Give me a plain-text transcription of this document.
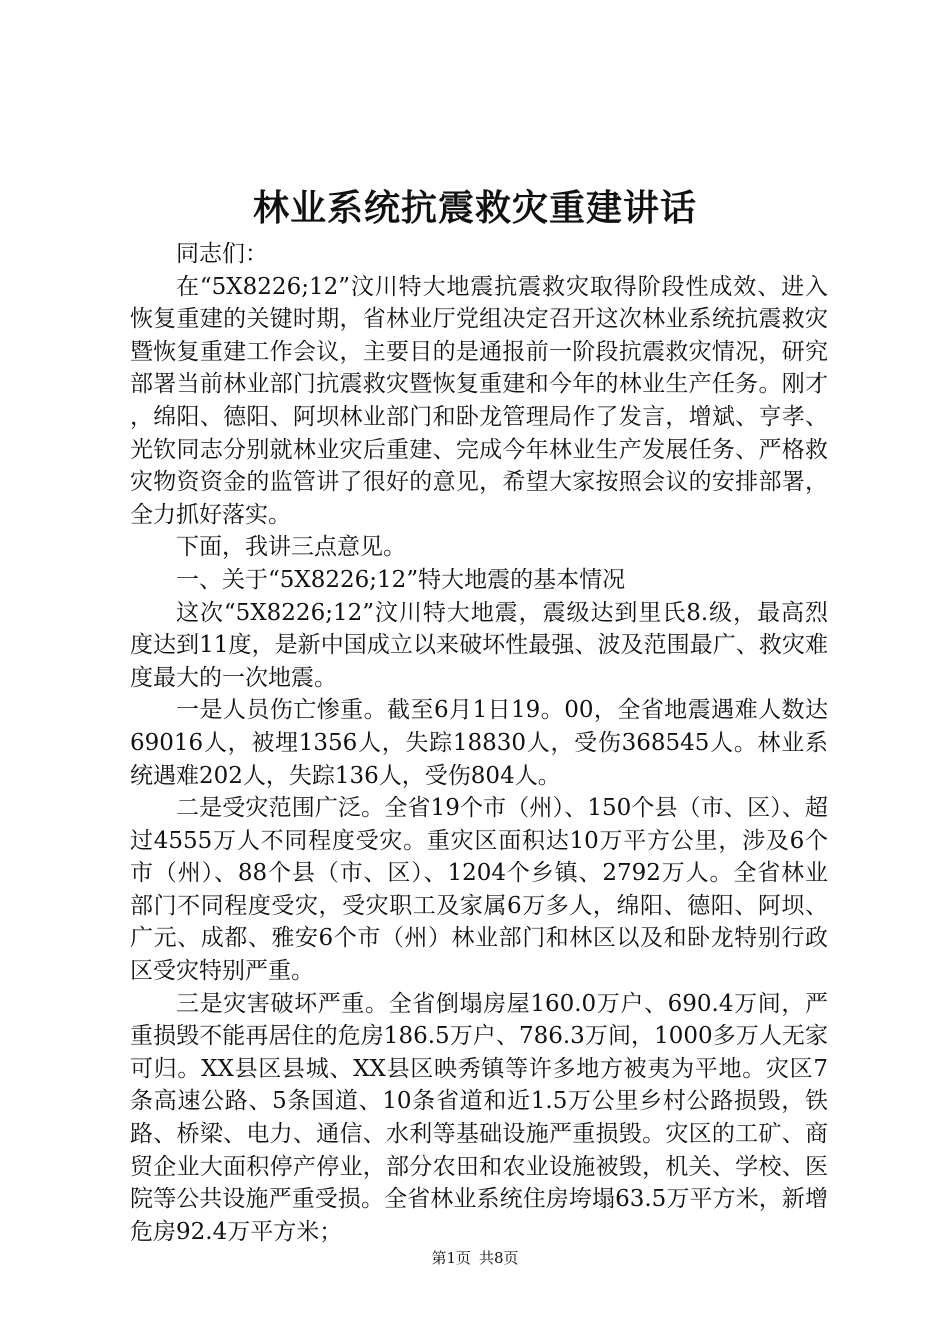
林业系统抗震救灾重建讲话

同志们：

在“5X8226;12”汶川特大地震抗震救灾取得阶段性成效、进入恢复重建的关键时期，省林业厅党组决定召开这次林业系统抗震救灾暨恢复重建工作会议，主要目的是通报前一阶段抗震救灾情况，研究部署当前林业部门抗震救灾暨恢复重建和今年的林业生产任务。刚才，绵阳、德阳、阿坝林业部门和卧龙管理局作了发言，增斌、亨孝、光钦同志分别就林业灾后重建、完成今年林业生产发展任务、严格救灾物资资金的监管讲了很好的意见，希望大家按照会议的安排部署，全力抓好落实。

下面，我讲三点意见。

一、关于“5X8226;12”特大地震的基本情况

这次“5X8226;12”汶川特大地震，震级达到里氏8.级，最高烈度达到11度，是新中国成立以来破坏性最强、波及范围最广、救灾难度最大的一次地震。

一是人员伤亡惨重。截至6月1日19。00，全省地震遇难人数达69016人，被埋1356人，失踪18830人，受伤368545人。林业系统遇难202人，失踪136人，受伤804人。

二是受灾范围广泛。全省19个市（州）、150个县（市、区）、超过4555万人不同程度受灾。重灾区面积达10万平方公里，涉及6个市（州）、88个县（市、区）、1204个乡镇、2792万人。全省林业部门不同程度受灾，受灾职工及家属6万多人，绵阳、德阳、阿坝、广元、成都、雅安6个市（州）林业部门和林区以及和卧龙特别行政区受灾特别严重。

三是灾害破坏严重。全省倒塌房屋160.0万户、690.4万间，严重损毁不能再居住的危房186.5万户、786.3万间，1000多万人无家可归。XX县区县城、XX县区映秀镇等许多地方被夷为平地。灾区7条高速公路、5条国道、10条省道和近1.5万公里乡村公路损毁，铁路、桥梁、电力、通信、水利等基础设施严重损毁。灾区的工矿、商贸企业大面积停产停业，部分农田和农业设施被毁，机关、学校、医院等公共设施严重受损。全省林业系统住房垮塌63.5万平方米，新增危房92.4万平方米；

第1页 共8页
